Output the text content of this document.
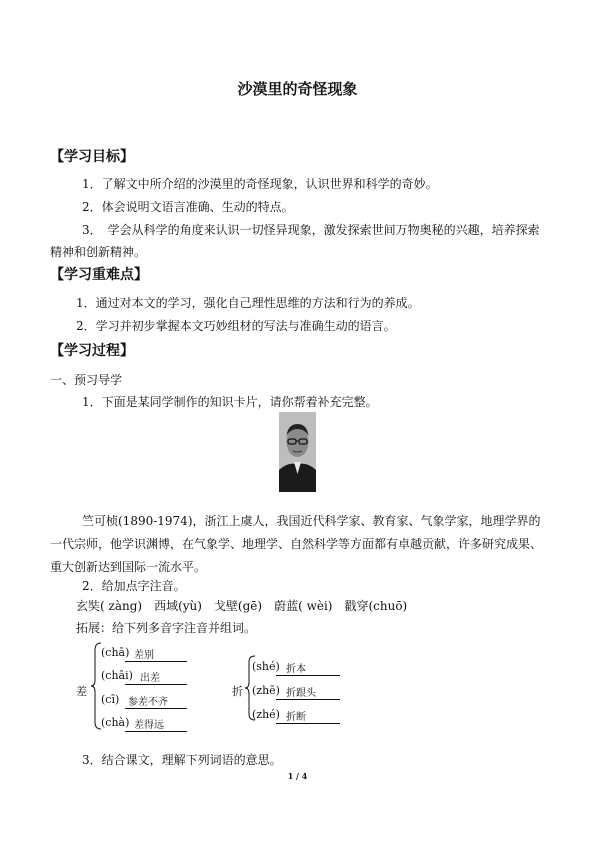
沙漠里的奇怪现象
【学习目标】
1．了解文中所介绍的沙漠里的奇怪现象，认识世界和科学的奇妙。
2．体会说明文语言准确、生动的特点。
3．　学会从科学的角度来认识一切怪异现象，激发探索世间万物奥秘的兴趣，培养探索
精神和创新精神。
【学习重难点】
1．通过对本文的学习，强化自己理性思维的方法和行为的养成。
2．学习并初步掌握本文巧妙组材的写法与准确生动的语言。
【学习过程】
一、预习导学
1．下面是某同学制作的知识卡片，请你帮着补充完整。
竺可桢(1890-1974)，浙江上虞人，我国近代科学家、教育家、气象学家，地理学界的一代宗师，他学识渊博，在气象学、地理学、自然科学等方面都有卓越贡献，许多研究成果、重大创新达到国际一流水平。
2．给加点字注音。
玄奘( zàng)　西域(yù)　戈壁(gē)　蔚蓝( wèi)　戳穿(chuō)
拓展：给下列多音字注音并组词。
差
(chā) 差别
(chāi) 出差
(cī) 参差不齐
(chà) 差得远
折
(shé) 折本
(zhē) 折跟头
(zhé) 折断
3．结合课文，理解下列词语的意思。
1 / 4
